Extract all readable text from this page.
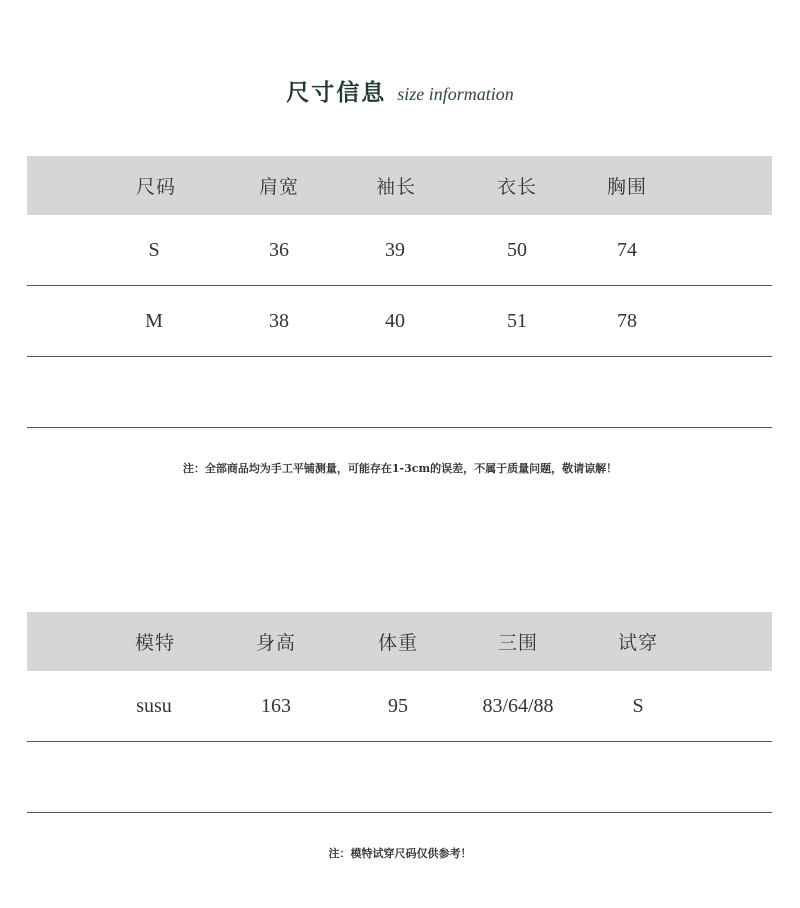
尺寸信息 size information
尺码	肩宽	袖长	衣长	胸围
S	36	39	50	74
M	38	40	51	78
注：全部商品均为手工平铺测量，可能存在1-3cm的误差，不属于质量问题，敬请谅解！
模特	身高	体重	三围	试穿
susu	163	95	83/64/88	S
注：模特试穿尺码仅供参考！
